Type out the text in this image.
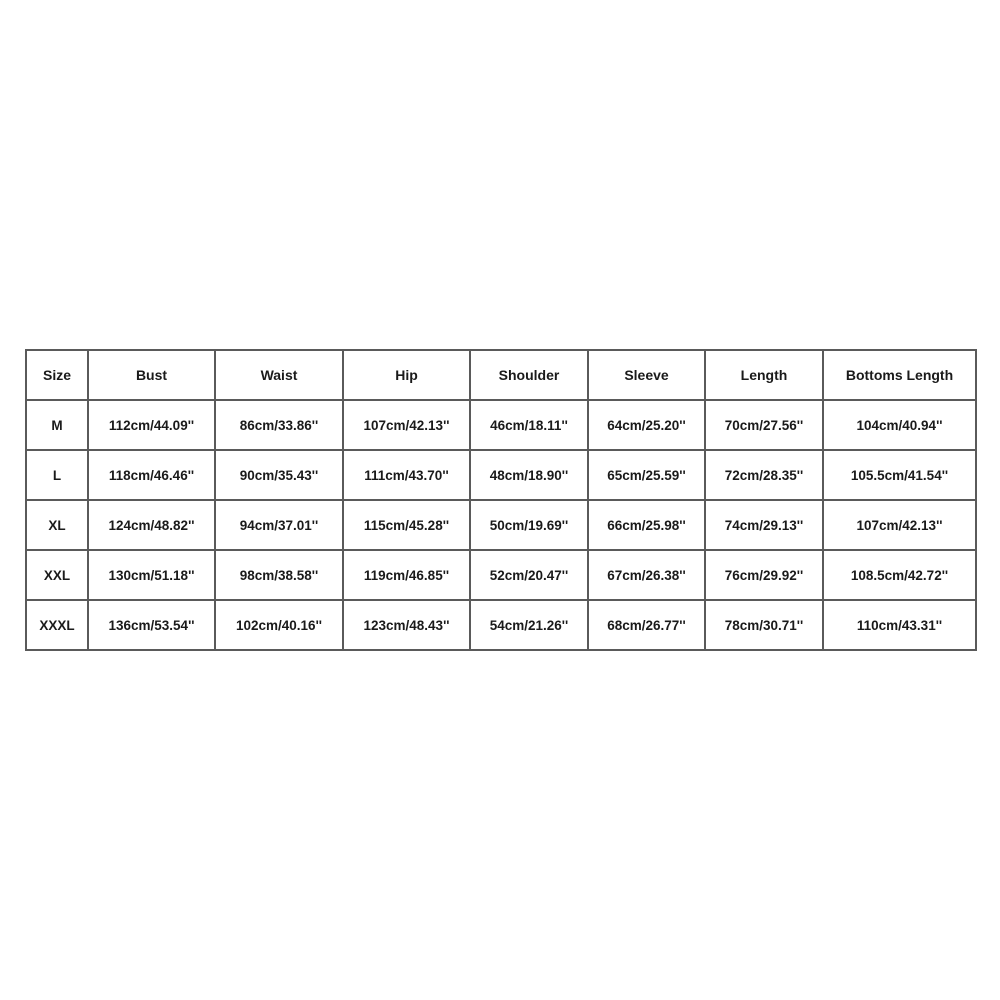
Size	Bust	Waist	Hip	Shoulder	Sleeve	Length	Bottoms Length
M	112cm/44.09''	86cm/33.86''	107cm/42.13''	46cm/18.11''	64cm/25.20''	70cm/27.56''	104cm/40.94''
L	118cm/46.46''	90cm/35.43''	111cm/43.70''	48cm/18.90''	65cm/25.59''	72cm/28.35''	105.5cm/41.54''
XL	124cm/48.82''	94cm/37.01''	115cm/45.28''	50cm/19.69''	66cm/25.98''	74cm/29.13''	107cm/42.13''
XXL	130cm/51.18''	98cm/38.58''	119cm/46.85''	52cm/20.47''	67cm/26.38''	76cm/29.92''	108.5cm/42.72''
XXXL	136cm/53.54''	102cm/40.16''	123cm/48.43''	54cm/21.26''	68cm/26.77''	78cm/30.71''	110cm/43.31''
